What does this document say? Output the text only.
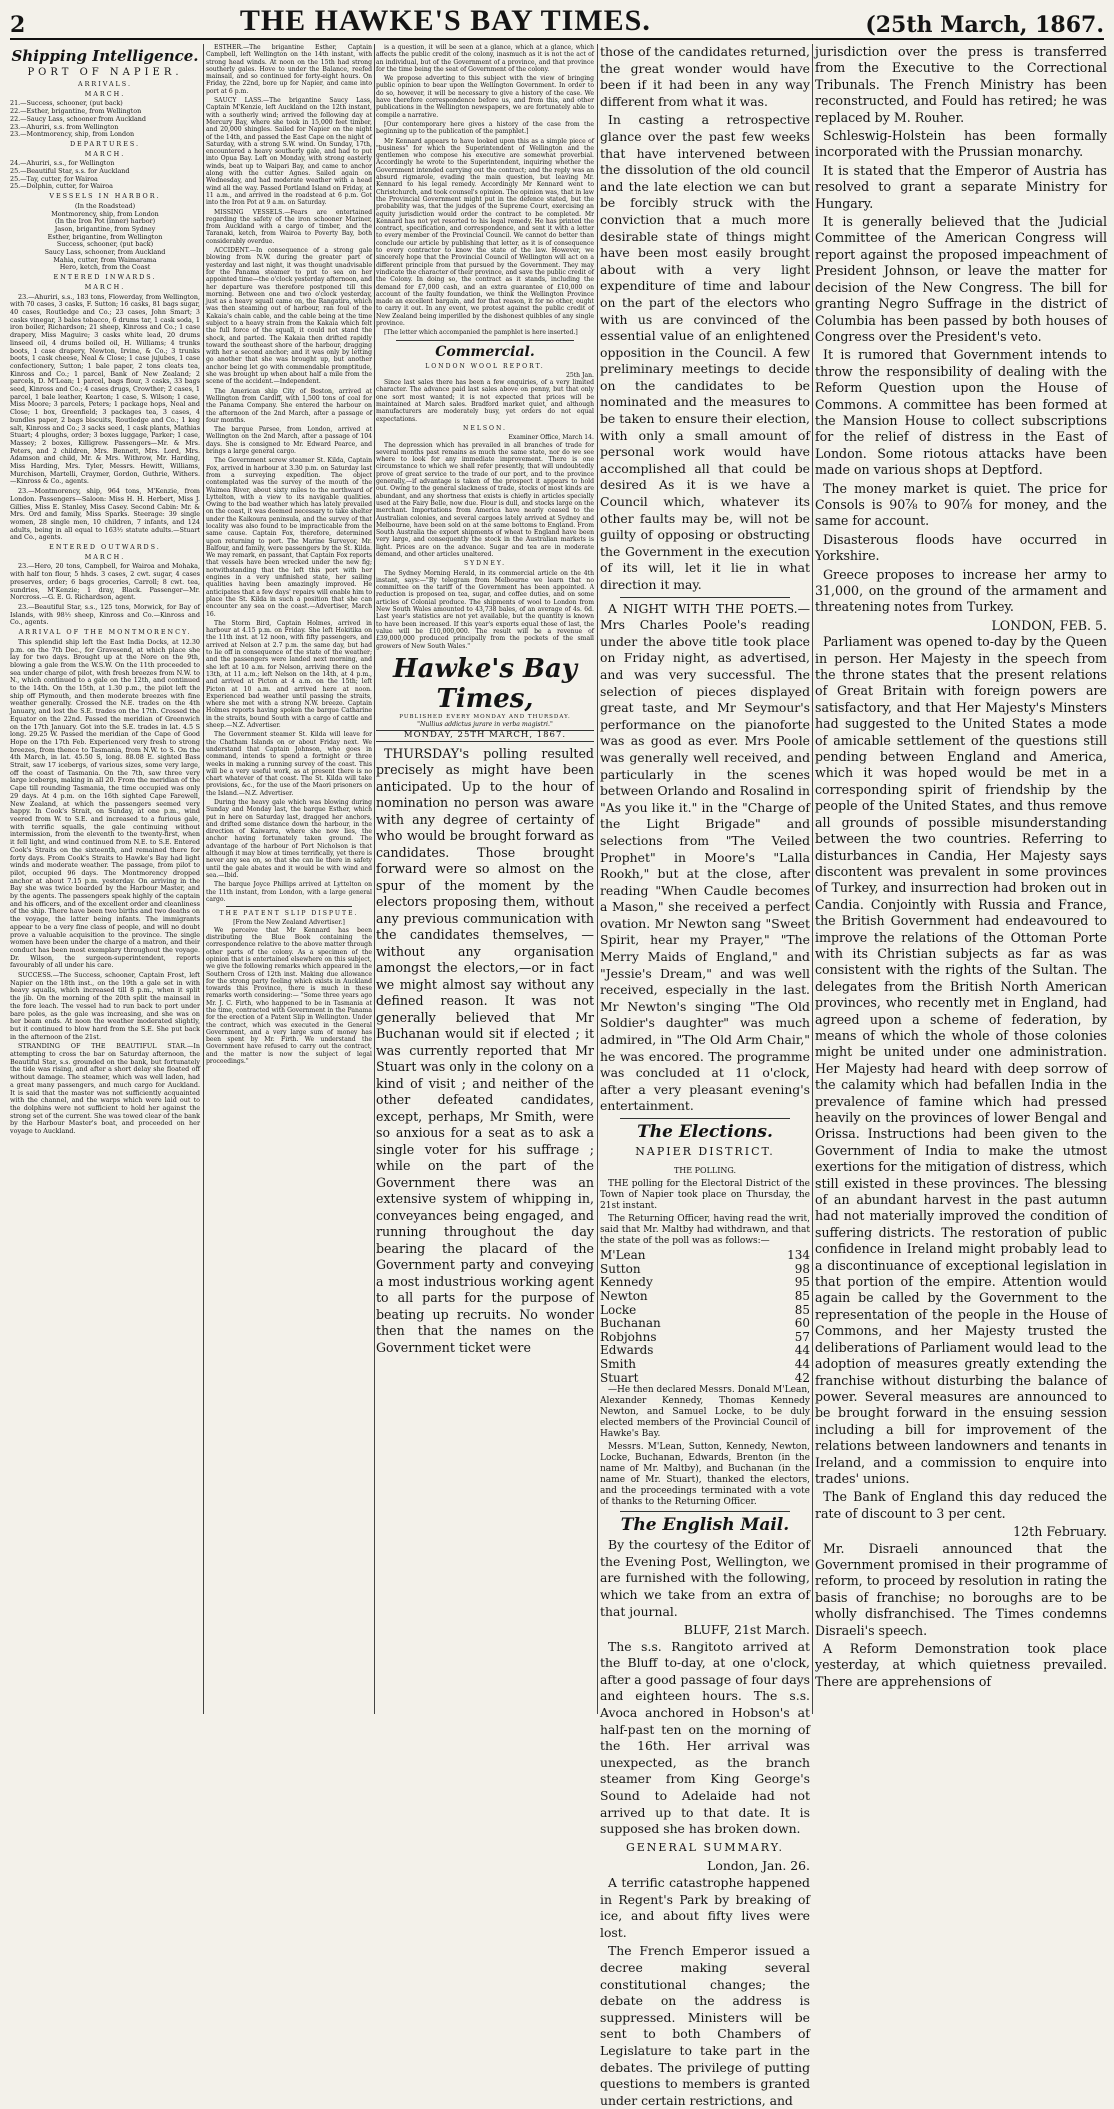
2	THE HAWKE'S BAY TIMES.	(25th March, 1867.
Shipping Intelligence.
PORT OF NAPIER.
ARRIVALS.
MARCH.
21.—Success, schooner, (put back)
22.—Esther, brigantine, from Wellington
22.—Saucy Lass, schooner from Auckland
23.—Ahuriri, s.s. from Wellington
23.—Montmorency, ship, from London
DEPARTURES.
MARCH.
24.—Ahuriri, s.s., for Wellington
25.—Beautiful Star, s.s. for Auckland
25.—Tay, cutter, for Wairoa
25.—Dolphin, cutter, for Wairoa
VESSELS IN HARBOR.
(In the Roadstead)
Montmorency, ship, from London
(In the Iron Pot (inner) harbor)
Jason, brigantine, from Sydney
Esther, brigantine, from Wellington
Success, schooner, (put back)
Saucy Lass, schooner, from Auckland
Mahia, cutter, from Waimarama
Hero, ketch, from the Coast
ENTERED INWARDS.
MARCH.

23.—Ahuriri, s.s., 183 tons, Flowerday, from Wellington, with 70 cases, 3 casks, F. Sutton; 16 casks, 81 bags sugar, 40 cases, Routledge and Co.; 23 cases, John Smart; 3 casks vinegar, 3 bales tobacco, 6 drums tar, 1 cask soda, 1 iron boiler, Richardson; 21 sheep, Kinross and Co.; 1 case drapery, Miss Maguire; 3 casks white lead, 20 drums linseed oil, 4 drums boiled oil, H. Williams; 4 trunks boots, 1 case drapery, Newton, Irvine, & Co.; 3 trunks boots, 1 cask cheese, Neal & Close; 1 case jujubes, 1 case confectionery, Sutton; 1 bale paper, 2 tons cleats tea, Kinross and Co.; 1 parcel, Bank of New Zealand; 2 parcels, D. M'Lean; 1 parcel, bags flour, 3 casks, 33 bags seed, Kinross and Co.; 4 cases drugs, Crowther; 2 cases, 1 parcel, 1 bale leather, Kearton; 1 case, S. Wilson; 1 case, Miss Moore; 3 parcels, Peters; 1 package hops, Neal and Close; 1 box, Greenfield; 3 packages tea, 3 cases, 4 bundles paper, 2 bags biscuits, Routledge and Co.; 1 keg salt, Kinross and Co.; 3 sacks seed, 1 cask plants, Mathias Stuart; 4 ploughs, order; 3 boxes luggage, Parker; 1 case, Massey; 2 boxes, Killigrew. Passengers—Mr. & Mrs. Peters, and 2 children, Mrs. Bennett, Mrs. Lord, Mrs. Adamson and child, Mr. & Mrs. Withrow, Mr. Harding, Miss Harding, Mrs. Tyler, Messrs. Hewitt, Williams, Murchison, Martelli, Craymer, Gordon, Guthrie, Withers.—Kinross & Co., agents.

23.—Montmorency, ship, 964 tons, M'Kenzie, from London. Passengers—Saloon: Miss H. H. Herbert, Miss J. Gillies, Miss E. Stanley, Miss Casey. Second Cabin: Mr. & Mrs. Ord and family, Miss Sparks. Steerage: 39 single women, 28 single men, 10 children, 7 infants, and 124 adults, being in all equal to 163½ statute adults.—Stuart and Co., agents.

ENTERED OUTWARDS.
MARCH.

23.—Hero, 20 tons, Campbell, for Wairoa and Mohaka, with half ton flour, 5 hhds. 3 cases, 2 cwt. sugar, 4 cases preserves, order; 6 bags groceries, Carroll; 8 cwt. tea, sundries, M'Kenzie; 1 dray, Black. Passenger—Mr. Norcross.—G. E. G. Richardson, agent.

23.—Beautiful Star, s.s., 125 tons, Morwick, for Bay of Islands, with 98½ sheep, Kinross and Co.—Kinross and Co., agents.

ARRIVAL OF THE MONTMORENCY.

This splendid ship left the East India Docks, at 12.30 p.m. on the 7th Dec., for Gravesend, at which place she lay for two days. Brought up at the Nore on the 9th, blowing a gale from the W.S.W. On the 11th proceeded to sea under charge of pilot, with fresh breezes from N.W. to N., which continued to a gale on the 12th, and continued to the 14th. On the 15th, at 1.30 p.m., the pilot left the ship off Plymouth, and then moderate breezes with fine weather generally. Crossed the N.E. trades on the 4th January, and lost the S.E. trades on the 17th. Crossed the Equator on the 22nd. Passed the meridian of Greenwich on the 17th January. Got into the S.E. trades in lat. 4.5 S long. 29.25 W. Passed the meridian of the Cape of Good Hope on the 17th Feb. Experienced very fresh to strong breezes, from thence to Tasmania, from N.W. to S. On the 4th March, in lat. 45.50 S, long. 88.08 E. sighted Bass Strait, saw 17 icebergs, of various sizes, some very large, off the coast of Tasmania. On the 7th, saw three very large icebergs, making in all 20. From the meridian of the Cape till rounding Tasmania, the time occupied was only 29 days. At 4 p.m. on the 16th sighted Cape Farewell, New Zealand, at which the passengers seemed very happy. In Cook's Strait, on Sunday, at one p.m., wind veered from W. to S.E. and increased to a furious gale, with terrific squalls, the gale continuing without intermission, from the eleventh to the twenty-first, when it fell light, and wind continued from N.E. to S.E. Entered Cook's Straits on the sixteenth, and remained there for forty days. From Cook's Straits to Hawke's Bay had light winds and moderate weather. The passage, from pilot to pilot, occupied 96 days. The Montmorency dropped anchor at about 7.15 p.m. yesterday. On arriving in the Bay she was twice boarded by the Harbour Master, and by the agents. The passengers speak highly of the captain and his officers, and of the excellent order and cleanliness of the ship. There have been two births and two deaths on the voyage, the latter being infants. The immigrants appear to be a very fine class of people, and will no doubt prove a valuable acquisition to the province. The single women have been under the charge of a matron, and their conduct has been most exemplary throughout the voyage. Dr. Wilson, the surgeon-superintendent, reports favourably of all under his care.

SUCCESS.—The Success, schooner, Captain Frost, left Napier on the 18th inst., on the 19th a gale set in with heavy squalls, which increased till 8 p.m., when it split the jib. On the morning of the 20th split the mainsail in the fore leach. The vessel had to run back to port under bare poles, as the gale was increasing, and she was on her beam ends. At noon the weather moderated slightly, but it continued to blow hard from the S.E. She put back in the afternoon of the 21st.

STRANDING OF THE BEAUTIFUL STAR.—In attempting to cross the bar on Saturday afternoon, the Beautiful Star, s.s. grounded on the bank, but fortunately the tide was rising, and after a short delay she floated off without damage. The steamer, which was well laden, had a great many passengers, and much cargo for Auckland. It is said that the master was not sufficiently acquainted with the channel, and the warps which were laid out to the dolphins were not sufficient to hold her against the strong set of the current. She was towed clear of the bank by the Harbour Master's boat, and proceeded on her voyage to Auckland.

ESTHER.—The brigantine Esther, Captain Campbell, left Wellington on the 14th instant, with strong head winds. At noon on the 15th had strong southerly gales. Hove to under the Balance, reefed mainsail, and so continued for forty-eight hours. On Friday, the 22nd, bore up for Napier, and came into port at 6 p.m.

SAUCY LASS.—The brigantine Saucy Lass, Captain M'Kenzie, left Auckland on the 12th instant, with a southerly wind; arrived the following day at Mercury Bay, where she took in 15,000 feet timber, and 20,000 shingles. Sailed for Napier on the night of the 14th, and passed the East Cape on the night of Saturday, with a strong S.W. wind. On Sunday, 17th, encountered a heavy southerly gale, and had to put into Opua Bay. Left on Monday, with strong easterly winds, beat up to Waipari Bay, and came to anchor along with the cutter Agnes. Sailed again on Wednesday, and had moderate weather with a head wind all the way. Passed Portland Island on Friday, at 11 a.m., and arrived in the roadstead at 6 p.m. Got into the Iron Pot at 9 a.m. on Saturday.

MISSING VESSELS.—Fears are entertained regarding the safety of the iron schooner Mariner, from Auckland with a cargo of timber, and the Taranaki, ketch, from Wairoa to Poverty Bay, both considerably overdue.

ACCIDENT.—In consequence of a strong gale blowing from N.W. during the greater part of yesterday and last night, it was thought unadvisable for the Panama steamer to put to sea on her appointed time—the o'clock yesterday afternoon, and her departure was therefore postponed till this morning. Between one and two o'clock yesterday, just as a heavy squall came on, the Rangatira, which was then steaming out of harbour, ran foul of the Kakaia's chain cable, and the cable being at the time subject to a heavy strain from the Kakaia which felt the full force of the squall, it could not stand the shock, and parted. The Kakaia then drifted rapidly toward the southeast shore of the harbour, dragging with her a second anchor; and it was only by letting go another that she was brought up, but another anchor being let go with commendable promptitude, she was brought up when about half a mile from the scene of the accident.—Independent.

The American ship City of Boston, arrived at Wellington from Cardiff, with 1,500 tons of coal for the Panama Company. She entered the harbour on the afternoon of the 2nd March, after a passage of four months.

The barque Parsee, from London, arrived at Wellington on the 2nd March, after a passage of 104 days. She is consigned to Mr. Edward Pearce, and brings a large general cargo.

The Government screw steamer St. Kilda, Captain Fox, arrived in harbour at 3.30 p.m. on Saturday last from a surveying expedition. The object contemplated was the survey of the mouth of the Waimea River, about sixty miles to the northward of Lyttelton, with a view to its navigable qualities. Owing to the bad weather which has lately prevailed on the coast, it was deemed necessary to take shelter under the Kaikoura peninsula, and the survey of that locality was also found to be impracticable from the same cause. Captain Fox, therefore, determined upon returning to port. The Marine Surveyor, Mr. Balfour, and family, were passengers by the St. Kilda. We may remark, en passant, that Captain Fox reports that vessels have been wrecked under the new fig; notwithstanding that the left this port with her engines in a very unfinished state, her sailing qualities having been amazingly improved. He anticipates that a few days' repairs will enable him to place the St. Kilda in such a position that she can encounter any sea on the coast.—Advertiser, March 16.

The Storm Bird, Captain Holmes, arrived in harbour at 4.15 p.m. on Friday. She left Hokitika on the 11th inst. at 12 noon, with fifty passengers, and arrived at Nelson at 2.7 p.m. the same day, but had to lie off in consequence of the state of the weather; and the passengers were landed next morning, and she left at 10 a.m. for Nelson, arriving there on the 13th, at 11 a.m.; left Nelson on the 14th, at 4 p.m., and arrived at Picton at 4 a.m. on the 15th; left Picton at 10 a.m. and arrived here at noon. Experienced bad weather until passing the straits, where she met with a strong N.W. breeze. Captain Holmes reports having spoken the barque Catharine in the straits, bound South with a cargo of cattle and sheep.—N.Z. Advertiser.

The Government steamer St. Kilda will leave for the Chatham Islands on or about Friday next. We understand that Captain Johnson, who goes in command, intends to spend a fortnight or three weeks in making a running survey of the coast. This will be a very useful work, as at present there is no chart whatever of that coast. The St. Kilda will take provisions, &c., for the use of the Maori prisoners on the Island.—N.Z. Advertiser.

During the heavy gale which was blowing during Sunday and Monday last, the barque Esther, which put in here on Saturday last, dragged her anchors, and drifted some distance down the harbour, in the direction of Kaiwarra, where she now lies, the anchor having fortunately taken ground. The advantage of the harbour of Port Nicholson is that although it may blow at times terrifically, yet there is never any sea on, so that she can lie there in safety until the gale abates and it would be with wind and sea.—Ibid.

The barque Joyce Phillips arrived at Lyttelton on the 11th instant, from London, with a large general cargo.

THE PATENT SLIP DISPUTE.
[From the New Zealand Advertiser.]

We perceive that Mr Kennard has been distributing the Blue Book containing the correspondence relative to the above matter through other parts of the colony. As a specimen of the opinion that is entertained elsewhere on this subject, we give the following remarks which appeared in the Southern Cross of 12th inst. Making due allowance for the strong party feeling which exists in Auckland towards this Province, there is much in these remarks worth considering:— "Some three years ago Mr. J. C. Firth, who happened to be in Tasmania at the time, contracted with Government in the Panama for the erection of a Patent Slip in Wellington. Under the contract, which was executed in the General Government, and a very large sum of money has been spent by Mr. Firth. We understand the Government have refused to carry out the contract, and the matter is now the subject of legal proceedings."

is a question, it will be seen at a glance, which at a glance, which affects the public credit of the colony, inasmuch as it is not the act of an individual, but of the Government of a province, and that province for the time being the seat of Government of the colony.

We propose adverting to this subject with the view of bringing public opinion to bear upon the Wellington Government. In order to do so, however, it will be necessary to give a history of the case. We have therefore correspondence before us, and from this, and other publications in the Wellington newspapers, we are fortunately able to compile a narrative.

[Our contemporary here gives a history of the case from the beginning up to the publication of the pamphlet.]

Mr Kennard appears to have looked upon this as a simple piece of "business" for which the Superintendent of Wellington and the gentlemen who compose his executive are somewhat proverbial. Accordingly he wrote to the Superintendent, inquiring whether the Government intended carrying out the contract; and the reply was an absurd rigmarole, evading the main question, but leaving Mr. Kennard to his legal remedy. Accordingly Mr Kennard went to Christchurch, and took counsel's opinion. The opinion was, that in law the Provincial Government might put in the defence stated, but the probability was, that the judges of the Supreme Court, exercising an equity jurisdiction would order the contract to be completed. Mr Kennard has not yet resorted to his legal remedy. He has printed the contract, specification, and correspondence, and sent it with a letter to every member of the Provincial Council. We cannot do better than conclude our article by publishing that letter, as it is of consequence to every contractor to know the state of the law. However, we sincerely hope that the Provincial Council of Wellington will act on a different principle from that pursued by the Government. They may vindicate the character of their province, and save the public credit of the Colony. In doing so, the contract as it stands, including the demand for £7,000 cash, and an extra guarantee of £10,000 on account of the faulty foundation, we think the Wellington Province made an excellent bargain, and for that reason, it for no other, ought to carry it out. In any event, we protest against the public credit of New Zealand being imperilled by the dishonest quibbles of any single province.

[The letter which accompanied the pamphlet is here inserted.]

Commercial.
LONDON WOOL REPORT.
25th Jan.

Since last sales there has been a few enquiries, of a very limited character. The advance paid last sales above on penny, but that only one sort most wanted; it is not expected that prices will be maintained at March sales. Bradford market quiet, and although manufacturers are moderately busy, yet orders do not equal expectations.

NELSON.
Examiner Office, March 14.

The depression which has prevailed in all branches of trade for several months past remains as much the same state, nor do we see where to look for any immediate improvement. There is one circumstance to which we shall refer presently, that will undoubtedly prove of great service to the trade of our port, and to the province generally,—if advantage is taken of the prospect it appears to hold out. Owing to the general slackness of trade, stocks of most kinds are abundant, and any shortness that exists is chiefly in articles specially used at the Fairy Belle, now due. Flour is dull, and stocks large on the merchant. Importations from America have nearly ceased to the Australian colonies, and several cargoes lately arrived at Sydney and Melbourne, have been sold on at the same bottoms to England. From South Australia the export shipments of wheat to England have been very large, and consequently the stock in the Australian markets is light. Prices are on the advance. Sugar and tea are in moderate demand, and other articles unaltered.

SYDNEY.

The Sydney Morning Herald, in its commercial article on the 4th instant, says:—"By telegram from Melbourne we learn that no committee on the tariff of the Government has been appointed. A reduction is proposed on tea, sugar, and coffee duties, and on some articles of Colonial produce. The shipments of wool to London from New South Wales amounted to 43,738 bales, of an average of 4s. 6d. Last year's statistics are not yet available, but the quantity is known to have been increased. If this year's exports equal those of last, the value will be £10,000,000. The result will be a revenue of £39,000,000 produced principally from the pockets of the small growers of New South Wales."

Hawke's Bay Times,
PUBLISHED EVERY MONDAY AND THURSDAY.
"Nullius addictus jurare in verba magistri."
MONDAY, 25TH MARCH, 1867.

THURSDAY's polling resulted precisely as might have been anticipated. Up to the hour of nomination no person was aware with any degree of certainty of who would be brought forward as candidates. Those brought forward were so almost on the spur of the moment by the electors proposing them, without any previous communication with the candidates themselves, — without any organisation amongst the electors,—or in fact we might almost say without any defined reason. It was not generally believed that Mr Buchanan would sit if elected ; it was currently reported that Mr Stuart was only in the colony on a kind of visit ; and neither of the other defeated candidates, except, perhaps, Mr Smith, were so anxious for a seat as to ask a single voter for his suffrage ; while on the part of the Government there was an extensive system of whipping in, conveyances being engaged, and running throughout the day bearing the placard of the Government party and conveying a most industrious working agent to all parts for the purpose of beating up recruits. No wonder then that the names on the Government ticket were

those of the candidates returned, the great wonder would have been if it had been in any way different from what it was.

In casting a retrospective glance over the past few weeks that have intervened between the dissolution of the old council and the late election we can but be forcibly struck with the conviction that a much more desirable state of things might have been most easily brought about with a very light expenditure of time and labour on the part of the electors who with us are convinced of the essential value of an enlightened opposition in the Council. A few preliminary meetings to decide on the candidates to be nominated and the measures to be taken to ensure their election, with only a small amount of personal work would have accomplished all that could be desired As it is we have a Council which, whatever its other faults may be, will not be guilty of opposing or obstructing the Government in the execution of its will, let it lie in what direction it may.

A NIGHT WITH THE POETS.—Mrs Charles Poole's reading under the above title took place on Friday night, as advertised, and was very successful. The selection of pieces displayed great taste, and Mr Seymour's performance on the pianoforte was as good as ever. Mrs Poole was generally well received, and particularly in the scenes between Orlando and Rosalind in "As you like it." in the "Charge of the Light Brigade" and selections from "The Veiled Prophet" in Moore's "Lalla Rookh," but at the close, after reading "When Caudle becomes a Mason," she received a perfect ovation. Mr Newton sang "Sweet Spirit, hear my Prayer," "The Merry Maids of England," and "Jessie's Dream," and was well received, especially in the last. Mr Newton's singing "The Old Soldier's daughter" was much admired, in "The Old Arm Chair," he was encored. The programme was concluded at 11 o'clock, after a very pleasant evening's entertainment.

The Elections.
NAPIER DISTRICT.
THE POLLING.

THE polling for the Electoral District of the Town of Napier took place on Thursday, the 21st instant.

The Returning Officer, having read the writ, said that Mr. Maltby had withdrawn, and that the state of the poll was as follows:—

M'Lean	134
Sutton	98
Kennedy	95
Newton	85
Locke	85
Buchanan	60
Robjohns	57
Edwards	44
Smith	44
Stuart	42

—He then declared Messrs. Donald M'Lean, Alexander Kennedy, Thomas Kennedy Newton, and Samuel Locke, to be duly elected members of the Provincial Council of Hawke's Bay.

Messrs. M'Lean, Sutton, Kennedy, Newton, Locke, Buchanan, Edwards, Brenton (in the name of Mr. Maltby), and Buchanan (in the name of Mr. Stuart), thanked the electors, and the proceedings terminated with a vote of thanks to the Returning Officer.

The English Mail.

By the courtesy of the Editor of the Evening Post, Wellington, we are furnished with the following, which we take from an extra of that journal.

BLUFF, 21st March.

The s.s. Rangitoto arrived at the Bluff to-day, at one o'clock, after a good passage of four days and eighteen hours. The s.s. Avoca anchored in Hobson's at half-past ten on the morning of the 16th. Her arrival was unexpected, as the branch steamer from King George's Sound to Adelaide had not arrived up to that date. It is supposed she has broken down.

GENERAL SUMMARY.
London, Jan. 26.

A terrific catastrophe happened in Regent's Park by breaking of ice, and about fifty lives were lost.

The French Emperor issued a decree making several constitutional changes; the debate on the address is suppressed. Ministers will be sent to both Chambers of Legislature to take part in the debates. The privilege of putting questions to members is granted under certain restrictions, and

jurisdiction over the press is transferred from the Executive to the Correctional Tribunals. The French Ministry has been reconstructed, and Fould has retired; he was replaced by M. Rouher.

Schleswig-Holstein has been formally incorporated with the Prussian monarchy.

It is stated that the Emperor of Austria has resolved to grant a separate Ministry for Hungary.

It is generally believed that the Judicial Committee of the American Congress will report against the proposed impeachment of President Johnson, or leave the matter for decision of the New Congress. The bill for granting Negro Suffrage in the district of Columbia has been passed by both houses of Congress over the President's veto.

It is rumored that Government intends to throw the responsibility of dealing with the Reform Question upon the House of Commons. A committee has been formed at the Mansion House to collect subscriptions for the relief of distress in the East of London. Some riotous attacks have been made on various shops at Deptford.

The money market is quiet. The price for Consols is 90⅞ to 90⅞ for money, and the same for account.

Disasterous floods have occurred in Yorkshire.

Greece proposes to increase her army to 31,000, on the ground of the armament and threatening notes from Turkey.

LONDON, FEB. 5.

Parliament was opened to-day by the Queen in person. Her Majesty in the speech from the throne states that the present relations of Great Britain with foreign powers are satisfactory, and that Her Majesty's Minsters had suggested to the United States a mode of amicable settlement of the questions still pending between England and America, which it was hoped would be met in a corresponding spirit of friendship by the people of the United States, and thus remove all grounds of possible misunderstanding between the two countries. Referring to disturbances in Candia, Her Majesty says discontent was prevalent in some provinces of Turkey, and insurrection had broken out in Candia. Conjointly with Russia and France, the British Government had endeavoured to improve the relations of the Ottoman Porte with its Christian subjects as far as was consistent with the rights of the Sultan. The delegates from the British North American provinces, who recently met in England, had agreed upon a scheme of federation, by means of which the whole of those colonies might be united under one administration. Her Majesty had heard with deep sorrow of the calamity which had befallen India in the prevalence of famine which had pressed heavily on the provinces of lower Bengal and Orissa. Instructions had been given to the Government of India to make the utmost exertions for the mitigation of distress, which still existed in these provinces. The blessing of an abundant harvest in the past autumn had not materially improved the condition of suffering districts. The restoration of public confidence in Ireland might probably lead to a discontinuance of exceptional legislation in that portion of the empire. Attention would again be called by the Government to the representation of the people in the House of Commons, and her Majesty trusted the deliberations of Parliament would lead to the adoption of measures greatly extending the franchise without disturbing the balance of power. Several measures are announced to be brought forward in the ensuing session including a bill for improvement of the relations between landowners and tenants in Ireland, and a commission to enquire into trades' unions.

The Bank of England this day reduced the rate of discount to 3 per cent.

12th February.

Mr. Disraeli announced that the Government promised in their programme of reform, to proceed by resolution in rating the basis of franchise; no boroughs are to be wholly disfranchised. The Times condemns Disraeli's speech.

A Reform Demonstration took place yesterday, at which quietness prevailed. There are apprehensions of
